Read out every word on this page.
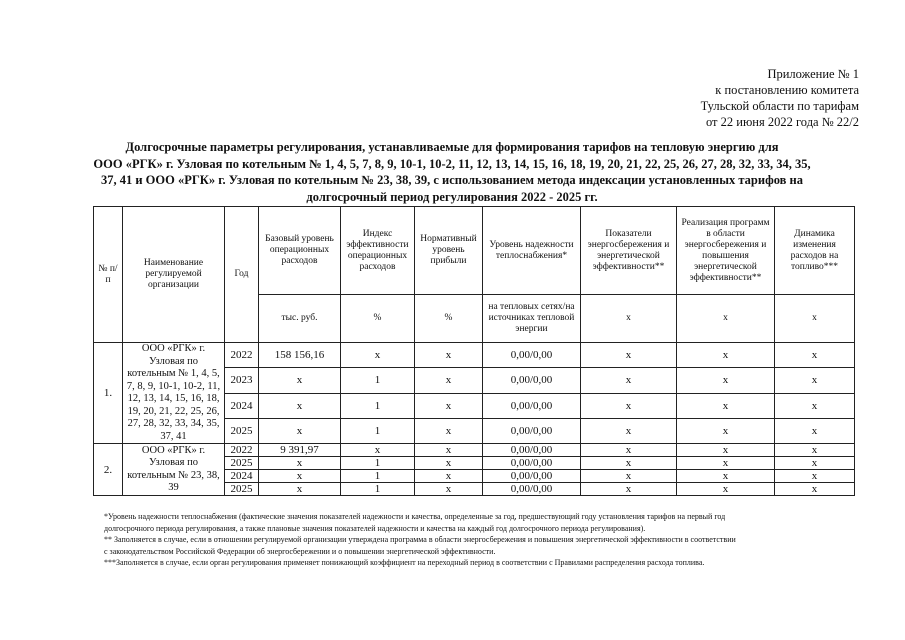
Приложение № 1
к постановлению комитета
Тульской области по тарифам
от 22 июня 2022 года № 22/2
Долгосрочные параметры регулирования, устанавливаемые для формирования тарифов на тепловую энергию для
ООО «РГК» г. Узловая по котельным № 1, 4, 5, 7, 8, 9, 10-1, 10-2, 11, 12, 13, 14, 15, 16, 18, 19, 20, 21, 22, 25, 26, 27, 28, 32, 33, 34, 35,
37, 41 и ООО «РГК» г. Узловая по котельным № 23, 38, 39, с использованием метода индексации установленных тарифов на
долгосрочный период регулирования 2022 - 2025 гг.
№ п/п	Наименование регулируемой организации	Год	Базовый уровень операционных расходов	Индекс эффективности операционных расходов	Нормативный уровень прибыли	Уровень надежности теплоснабжения*	Показатели энергосбережения и энергетической эффективности**	Реализация программ в области энергосбережения и повышения энергетической эффективности**	Динамика изменения расходов на топливо***
			тыс. руб.	%	%	на тепловых сетях/на источниках тепловой энергии	х	х	х
1.	ООО «РГК» г. Узловая по котельным № 1, 4, 5, 7, 8, 9, 10-1, 10-2, 11, 12, 13, 14, 15, 16, 18, 19, 20, 21, 22, 25, 26, 27, 28, 32, 33, 34, 35, 37, 41	2022	158 156,16	х	х	0,00/0,00	х	х	х
		2023	х	1	х	0,00/0,00	х	х	х
		2024	х	1	х	0,00/0,00	х	х	х
		2025	х	1	х	0,00/0,00	х	х	х
2.	ООО «РГК» г. Узловая по котельным № 23, 38, 39	2022	9 391,97	х	х	0,00/0,00	х	х	х
		2025	х	1	х	0,00/0,00	х	х	х
		2024	х	1	х	0,00/0,00	х	х	х
		2025	х	1	х	0,00/0,00	х	х	х

*Уровень надежности теплоснабжения (фактические значения показателей надежности и качества, определенные за год, предшествующий году установления тарифов на первый год

долгосрочного периода регулирования, а также плановые значения показателей надежности и качества на каждый год долгосрочного периода регулирования).

** Заполняется в случае, если в отношении регулируемой организации утверждена программа в области энергосбережения и повышения энергетической эффективности в соответствии

с законодательством Российской Федерации об энергосбережении и о повышении энергетической эффективности.

***Заполняется в случае, если орган регулирования применяет понижающий коэффициент на переходный период в соответствии с Правилами распределения расхода топлива.
